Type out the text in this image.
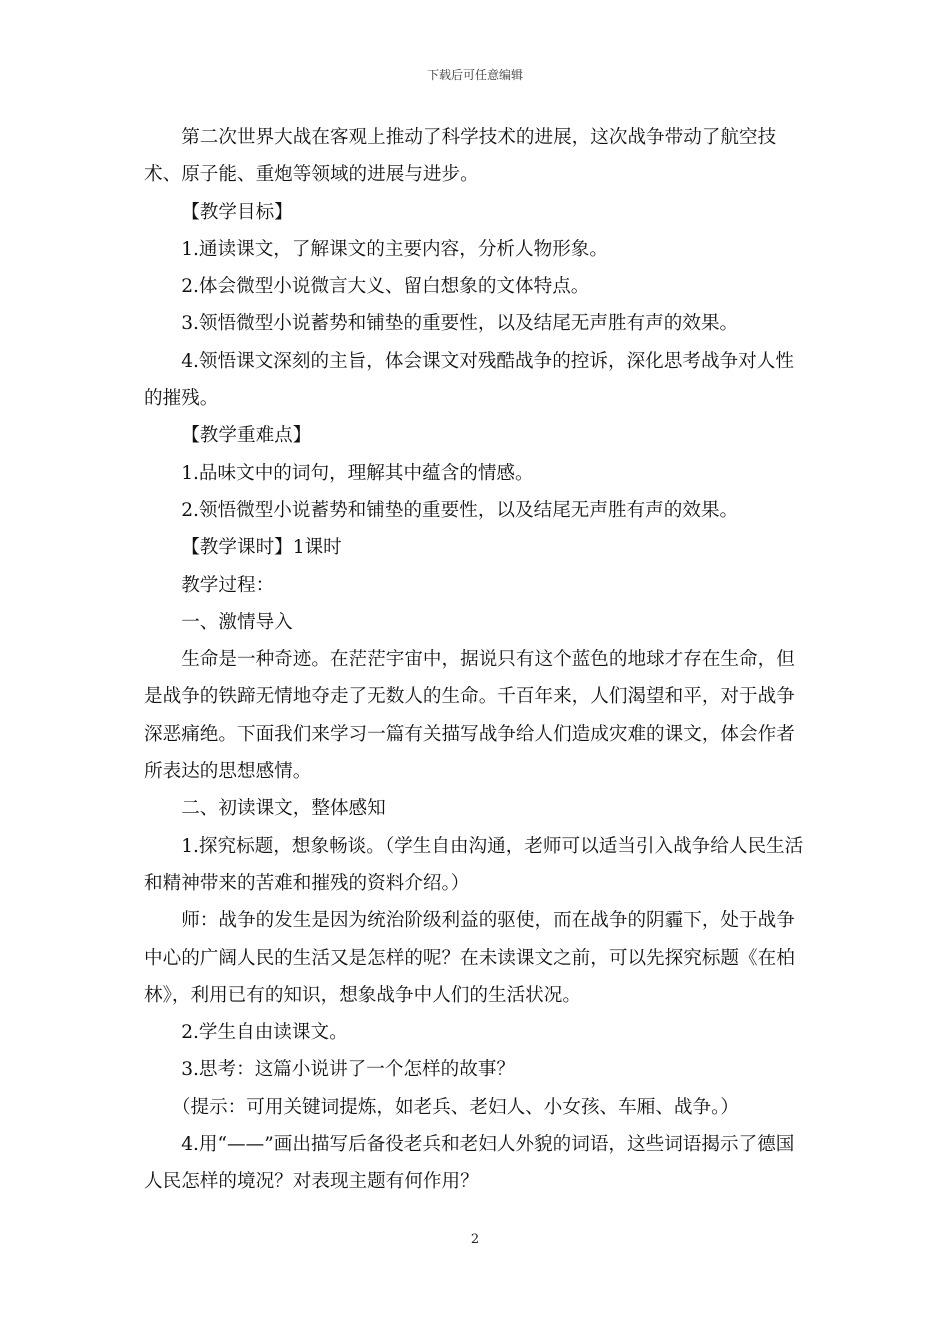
下载后可任意编辑

第二次世界大战在客观上推动了科学技术的进展，这次战争带动了航空技术、原子能、重炮等领域的进展与进步。

【教学目标】

1.通读课文，了解课文的主要内容，分析人物形象。

2.体会微型小说微言大义、留白想象的文体特点。

3.领悟微型小说蓄势和铺垫的重要性，以及结尾无声胜有声的效果。

4.领悟课文深刻的主旨，体会课文对残酷战争的控诉，深化思考战争对人性的摧残。

【教学重难点】

1.品味文中的词句，理解其中蕴含的情感。

2.领悟微型小说蓄势和铺垫的重要性，以及结尾无声胜有声的效果。

【教学课时】1课时

教学过程：

一、激情导入

生命是一种奇迹。在茫茫宇宙中，据说只有这个蓝色的地球才存在生命，但是战争的铁蹄无情地夺走了无数人的生命。千百年来，人们渴望和平，对于战争深恶痛绝。下面我们来学习一篇有关描写战争给人们造成灾难的课文，体会作者所表达的思想感情。

二、初读课文，整体感知

1.探究标题，想象畅谈。（学生自由沟通，老师可以适当引入战争给人民生活和精神带来的苦难和摧残的资料介绍。）

师：战争的发生是因为统治阶级利益的驱使，而在战争的阴霾下，处于战争中心的广阔人民的生活又是怎样的呢？在未读课文之前，可以先探究标题《在柏林》，利用已有的知识，想象战争中人们的生活状况。

2.学生自由读课文。

3.思考：这篇小说讲了一个怎样的故事？

（提示：可用关键词提炼，如老兵、老妇人、小女孩、车厢、战争。）

4.用“——”画出描写后备役老兵和老妇人外貌的词语，这些词语揭示了德国人民怎样的境况？对表现主题有何作用？

2
